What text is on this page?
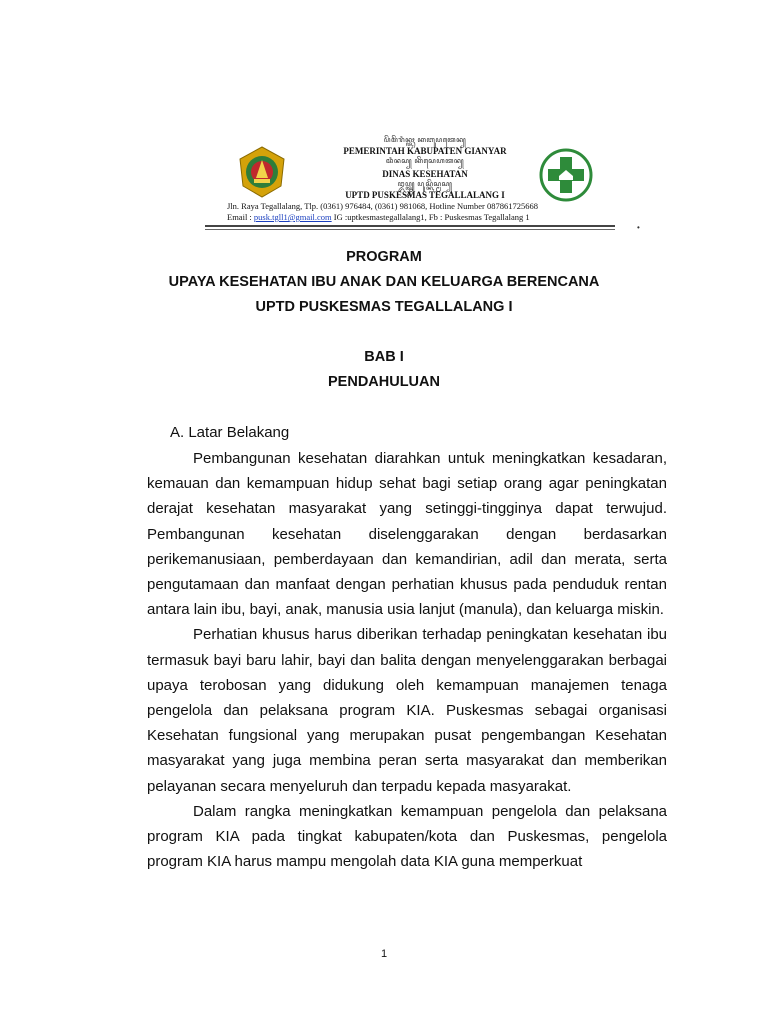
ꦥꦼꦩꦼꦫꦶꦤ꧀ꦠꦃ ꦏꦧꦸꦥꦠꦺꦤ꧀
PEMERINTAH KABUPATEN GIANYAR
ꦢꦶꦤꦱ꧀ ꦏꦼꦱꦺꦲꦠꦤ꧀
DINAS KESEHATAN
ꦈꦥ꧀ꦠ꧀ꦢ꧀ ꦥꦸꦱ꧀ꦏꦼꦱ꧀ꦩꦱ꧀
UPTD PUSKESMAS TEGALLALANG I
Jln. Raya Tegallalang, Tlp. (0361) 976484, (0361) 981068, Hotline Number 087861725668
Email : pusk.tgll1@gmail.com IG :uptkesmastegallalang1, Fb : Puskesmas Tegallalang 1
•
PROGRAM
UPAYA KESEHATAN IBU ANAK DAN KELUARGA BERENCANA
UPTD PUSKESMAS TEGALLALANG I
BAB I
PENDAHULUAN
A. Latar Belakang

Pembangunan kesehatan diarahkan untuk meningkatkan kesadaran, kemauan dan kemampuan hidup sehat bagi setiap orang agar peningkatan derajat kesehatan masyarakat yang setinggi-tingginya dapat terwujud. Pembangunan kesehatan diselenggarakan dengan berdasarkan perikemanusiaan, pemberdayaan dan kemandirian, adil dan merata, serta pengutamaan dan manfaat dengan perhatian khusus pada penduduk rentan antara lain ibu, bayi, anak, manusia usia lanjut (manula), dan keluarga miskin.

Perhatian khusus harus diberikan terhadap peningkatan kesehatan ibu termasuk bayi baru lahir, bayi dan balita dengan menyelenggarakan berbagai upaya terobosan yang didukung oleh kemampuan manajemen tenaga pengelola dan pelaksana program KIA. Puskesmas sebagai organisasi Kesehatan fungsional yang merupakan pusat pengembangan Kesehatan masyarakat yang juga membina peran serta masyarakat dan memberikan pelayanan secara menyeluruh dan terpadu kepada masyarakat.

Dalam rangka meningkatkan kemampuan pengelola dan pelaksana program KIA pada tingkat kabupaten/kota dan Puskesmas, pengelola program KIA harus mampu mengolah data KIA guna memperkuat

1
